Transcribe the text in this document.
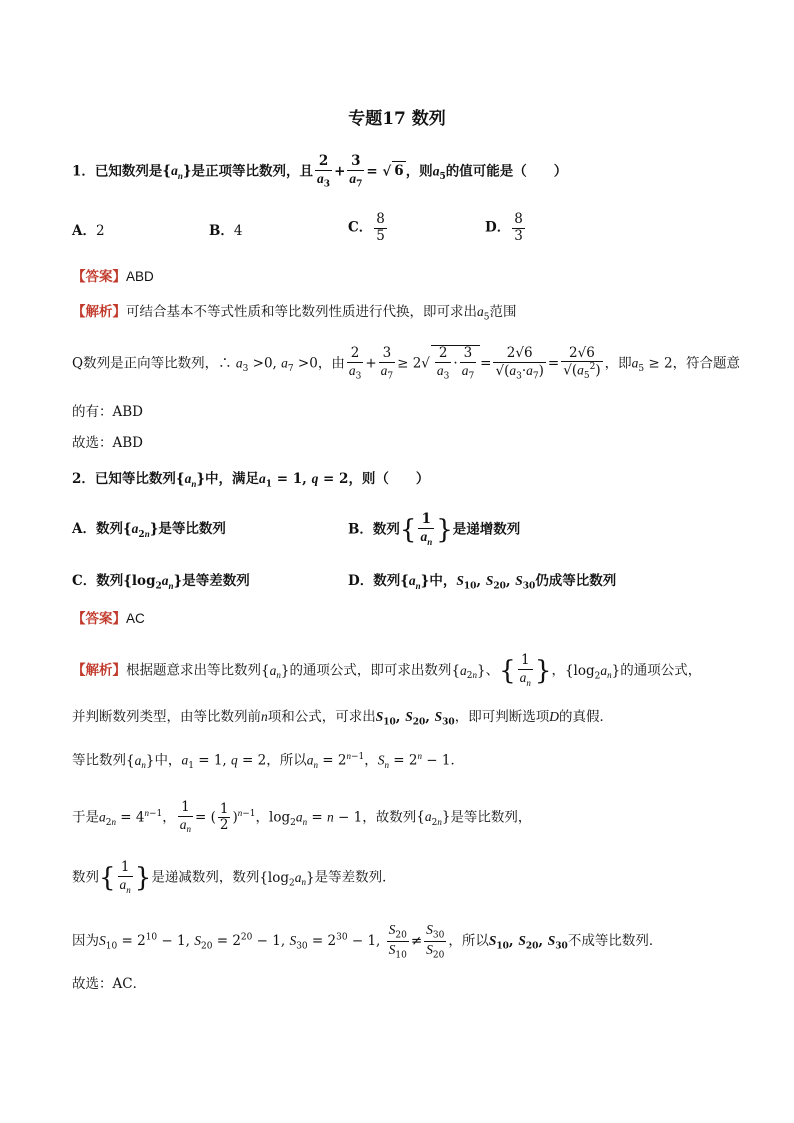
专题17 数列
1．已知数列是$\{a_n\}$是正项等比数列，且 $\frac{2}{a_3} + \frac{3}{a_7}$ = √ 6 ，则$a_5$的值可能是（　　）
A．2	B．4	C． $\frac{8}{5}$	D． $\frac{8}{3}$
【答案】ABD
【解析】可结合基本不等式性质和等比数列性质进行代换，即可求出$a_5$范围
Q数列是正向等比数列，∴ $a_3 >0$, $a_7 >0$，由 $\frac{2}{a_3} + \frac{3}{a_7} \ge 2√ \frac{2}{a_3} \cdot \frac{3}{a_7} = \frac{2√6}{√(a_3\cdot a_7)} = \frac{2√6}{√(a_5^2)}$ ，即$a_5 \ge 2$，符合题意
的有：ABD
故选：ABD
2．已知等比数列$\{a_n\}$中，满足$a_1 = 1$, q = 2，则（　　）
A．数列$\{a_{2n}\}$是等比数列	B．数列{ $\frac{1}{a_n}$ }是递增数列
C．数列$\{\log_2a_n\}$是等差数列	D．数列$\{a_n\}$中，$S_{10}$, $S_{20}$, $S_{30}$仍成等比数列
【答案】AC
【解析】根据题意求出等比数列$\{a_n\}$的通项公式，即可求出数列$\{a_{2n}\}$、{ $\frac{1}{a_n}$ }，$\{\log_2a_n\}$的通项公式，
并判断数列类型，由等比数列前n项和公式，可求出$S_{10}$, $S_{20}$, $S_{30}$，即可判断选项D的真假．
等比数列$\{a_n\}$中，$a_1 = 1$, q = 2，所以$a_n = 2^{n-1}$，$S_n = 2^n - 1$．
于是$a_{2n} = 4^{n-1}$， $\frac{1}{a_n}$ = ( $\frac{1}{2} )^{n-1}$，$\log_2a_n = n - 1$，故数列$\{a_{2n}\}$是等比数列，
数列{ $\frac{1}{a_n}$ }是递减数列，数列$\{\log_2a_n\}$是等差数列．
因为$S_{10} = 2^{10} - 1$, $S_{20} = 2^{20} - 1$, $S_{30} = 2^{30} - 1$, $\frac{S_{20}}{S_{10}} \ne \frac{S_{30}}{S_{20}}$ ，所以$S_{10}$, $S_{20}$, $S_{30}$不成等比数列．
故选：AC．
